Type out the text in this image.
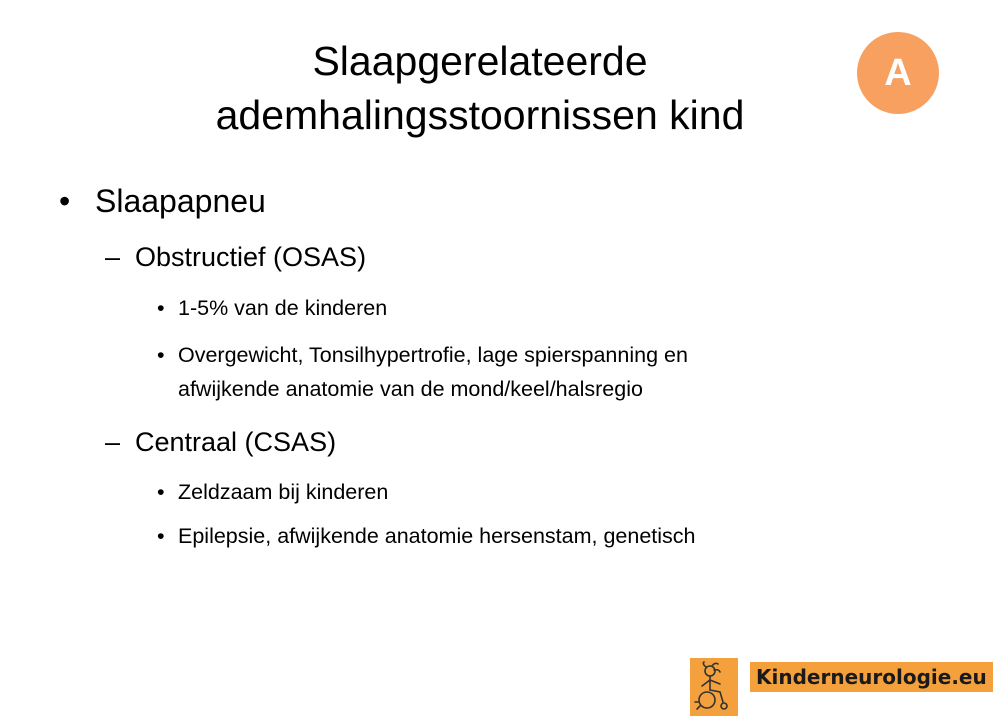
Slaapgerelateerde
ademhalingsstoornissen kind
A
• Slaapapneu
– Obstructief (OSAS)
• 1-5% van de kinderen
• Overgewicht, Tonsilhypertrofie, lage spierspanning en
afwijkende anatomie van de mond/keel/halsregio
– Centraal (CSAS)
• Zeldzaam bij kinderen
• Epilepsie, afwijkende anatomie hersenstam, genetisch
Kinderneurologie.eu
